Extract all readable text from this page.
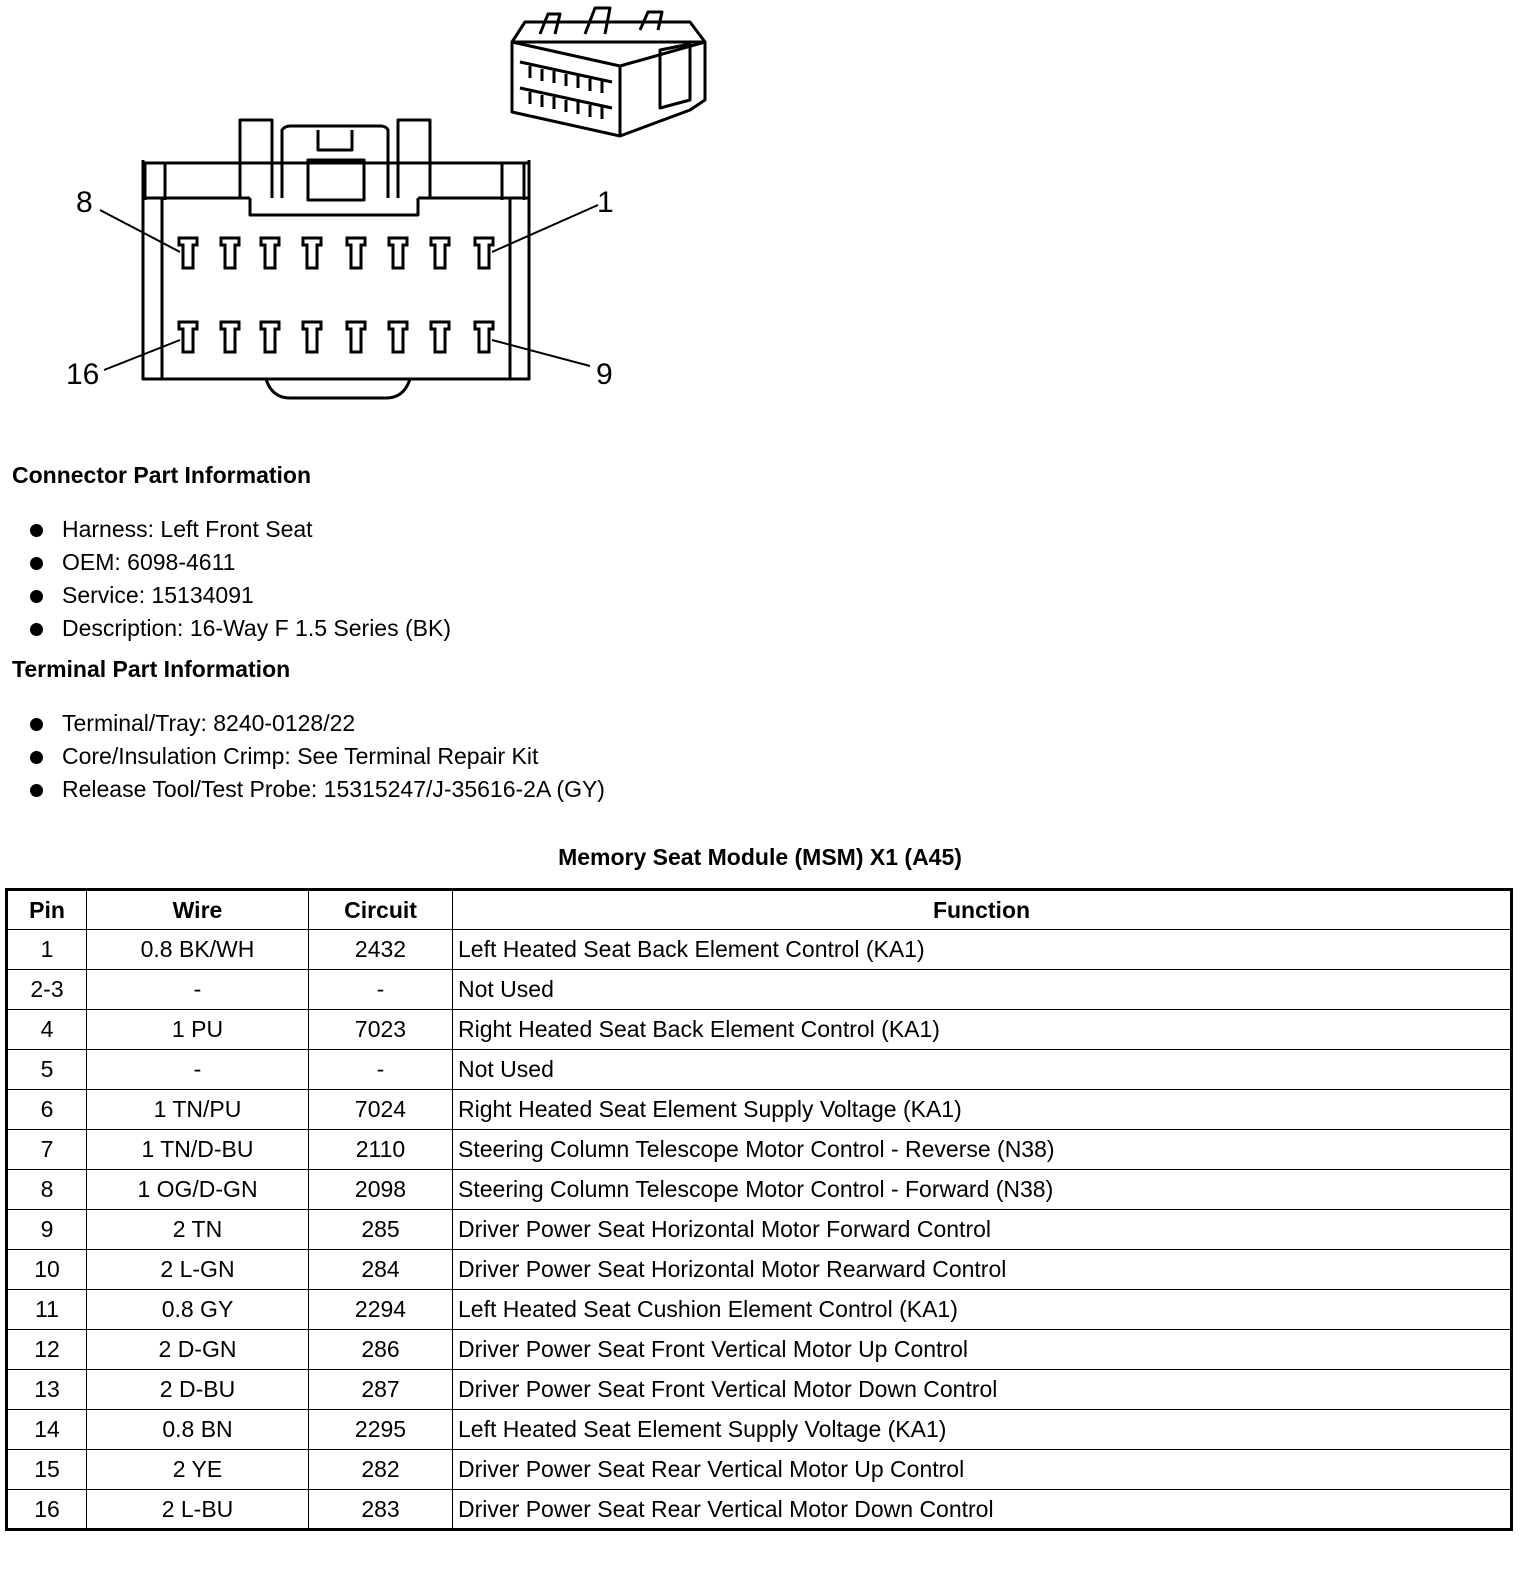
8	1
16	9
Connector Part Information
Harness: Left Front Seat
OEM: 6098-4611
Service: 15134091
Description: 16-Way F 1.5 Series (BK)
Terminal Part Information
Terminal/Tray: 8240-0128/22
Core/Insulation Crimp: See Terminal Repair Kit
Release Tool/Test Probe: 15315247/J-35616-2A (GY)
Memory Seat Module (MSM) X1 (A45)
Pin	Wire	Circuit	Function
1	0.8 BK/WH	2432	Left Heated Seat Back Element Control (KA1)
2-3	-	-	Not Used
4	1 PU	7023	Right Heated Seat Back Element Control (KA1)
5	-	-	Not Used
6	1 TN/PU	7024	Right Heated Seat Element Supply Voltage (KA1)
7	1 TN/D-BU	2110	Steering Column Telescope Motor Control - Reverse (N38)
8	1 OG/D-GN	2098	Steering Column Telescope Motor Control - Forward (N38)
9	2 TN	285	Driver Power Seat Horizontal Motor Forward Control
10	2 L-GN	284	Driver Power Seat Horizontal Motor Rearward Control
11	0.8 GY	2294	Left Heated Seat Cushion Element Control (KA1)
12	2 D-GN	286	Driver Power Seat Front Vertical Motor Up Control
13	2 D-BU	287	Driver Power Seat Front Vertical Motor Down Control
14	0.8 BN	2295	Left Heated Seat Element Supply Voltage (KA1)
15	2 YE	282	Driver Power Seat Rear Vertical Motor Up Control
16	2 L-BU	283	Driver Power Seat Rear Vertical Motor Down Control
